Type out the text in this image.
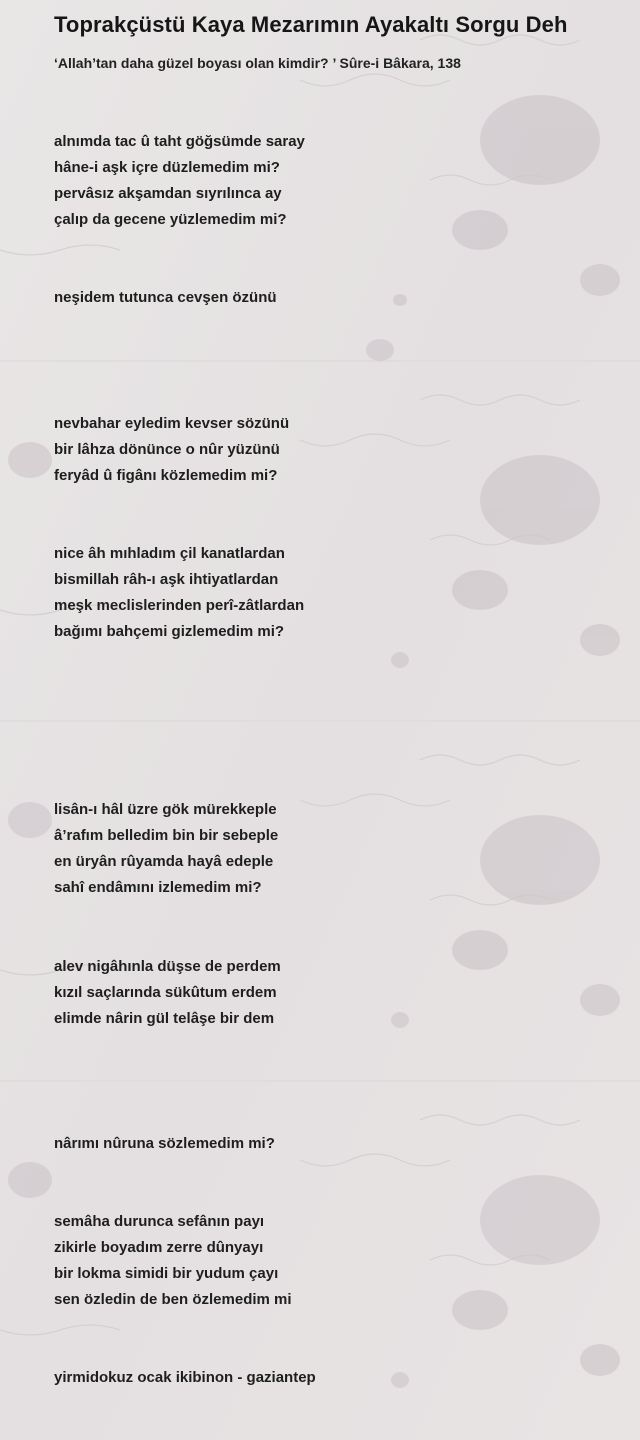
Toprakçüstü Kaya Mezarımın Ayakaltı Sorgu Deh

‘Allah’tan daha güzel boyası olan kimdir? ’ Sûre-i Bâkara, 138

alnımda tac û taht göğsümde saray

hâne-i aşk içre düzlemedim mi?

pervâsız akşamdan sıyrılınca ay

çalıp da gecene yüzlemedim mi?

neşidem tutunca cevşen özünü

nevbahar eyledim kevser sözünü

bir lâhza dönünce o nûr yüzünü

feryâd û figânı közlemedim mi?

nice âh mıhladım çil kanatlardan

bismillah râh-ı aşk ihtiyatlardan

meşk meclislerinden perî-zâtlardan

bağımı bahçemi gizlemedim mi?

lisân-ı hâl üzre gök mürekkeple

â’rafım belledim bin bir sebeple

en üryân rûyamda hayâ edeple

sahî endâmını izlemedim mi?

alev nigâhınla düşse de perdem

kızıl saçlarında sükûtum erdem

elimde nârin gül telâşe bir dem

nârımı nûruna sözlemedim mi?

semâha durunca sefânın payı

zikirle boyadım zerre dûnyayı

bir lokma simidi bir yudum çayı

sen özledin de ben özlemedim mi

yirmidokuz ocak ikibinon - gaziantep
